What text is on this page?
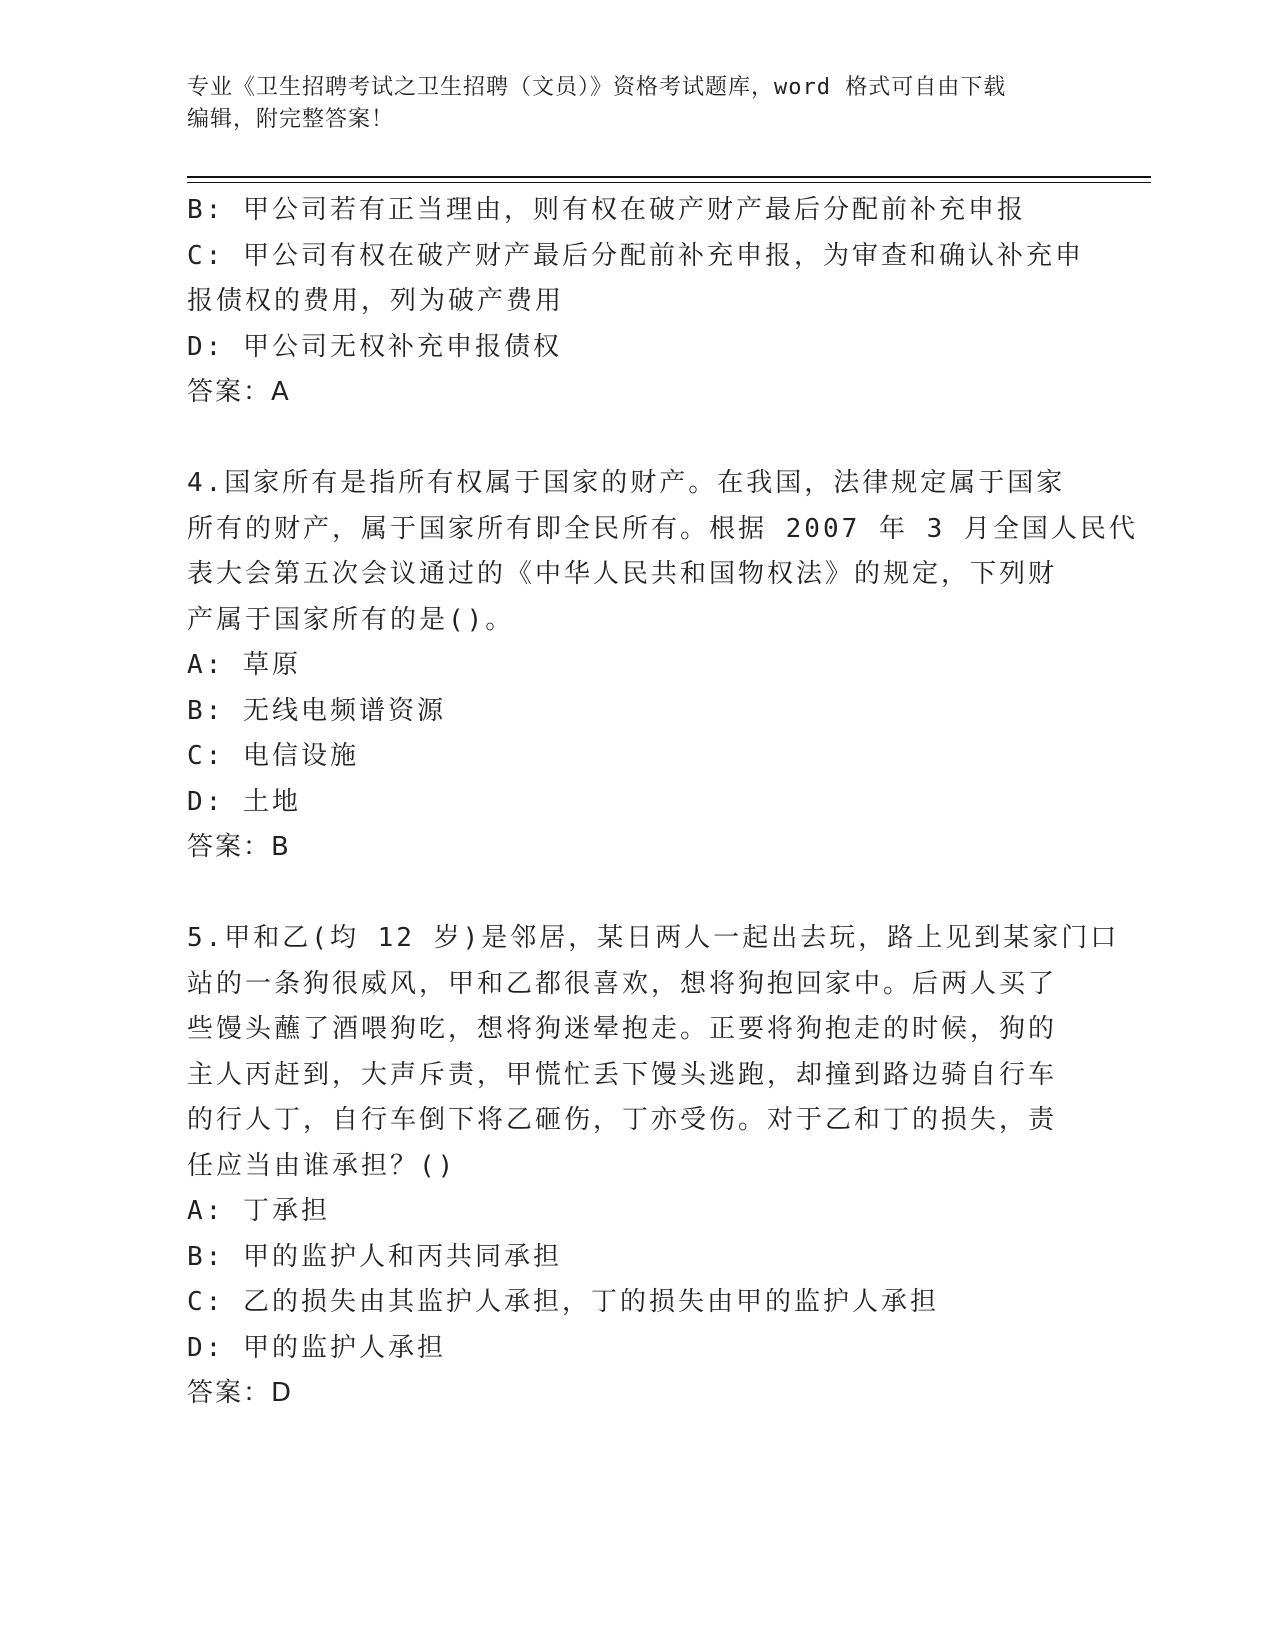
专业《卫生招聘考试之卫生招聘（文员）》资格考试题库，word 格式可自由下载
编辑，附完整答案！
B: 甲公司若有正当理由，则有权在破产财产最后分配前补充申报
C: 甲公司有权在破产财产最后分配前补充申报，为审查和确认补充申
报债权的费用，列为破产费用
D: 甲公司无权补充申报债权
答案：A
4.国家所有是指所有权属于国家的财产。在我国，法律规定属于国家
所有的财产，属于国家所有即全民所有。根据 2007 年 3 月全国人民代
表大会第五次会议通过的《中华人民共和国物权法》的规定，下列财
产属于国家所有的是()。
A: 草原
B: 无线电频谱资源
C: 电信设施
D: 土地
答案：B
5.甲和乙(均 12 岁)是邻居，某日两人一起出去玩，路上见到某家门口
站的一条狗很威风，甲和乙都很喜欢，想将狗抱回家中。后两人买了
些馒头蘸了酒喂狗吃，想将狗迷晕抱走。正要将狗抱走的时候，狗的
主人丙赶到，大声斥责，甲慌忙丢下馒头逃跑，却撞到路边骑自行车
的行人丁，自行车倒下将乙砸伤，丁亦受伤。对于乙和丁的损失，责
任应当由谁承担？()
A: 丁承担
B: 甲的监护人和丙共同承担
C: 乙的损失由其监护人承担，丁的损失由甲的监护人承担
D: 甲的监护人承担
答案：D
